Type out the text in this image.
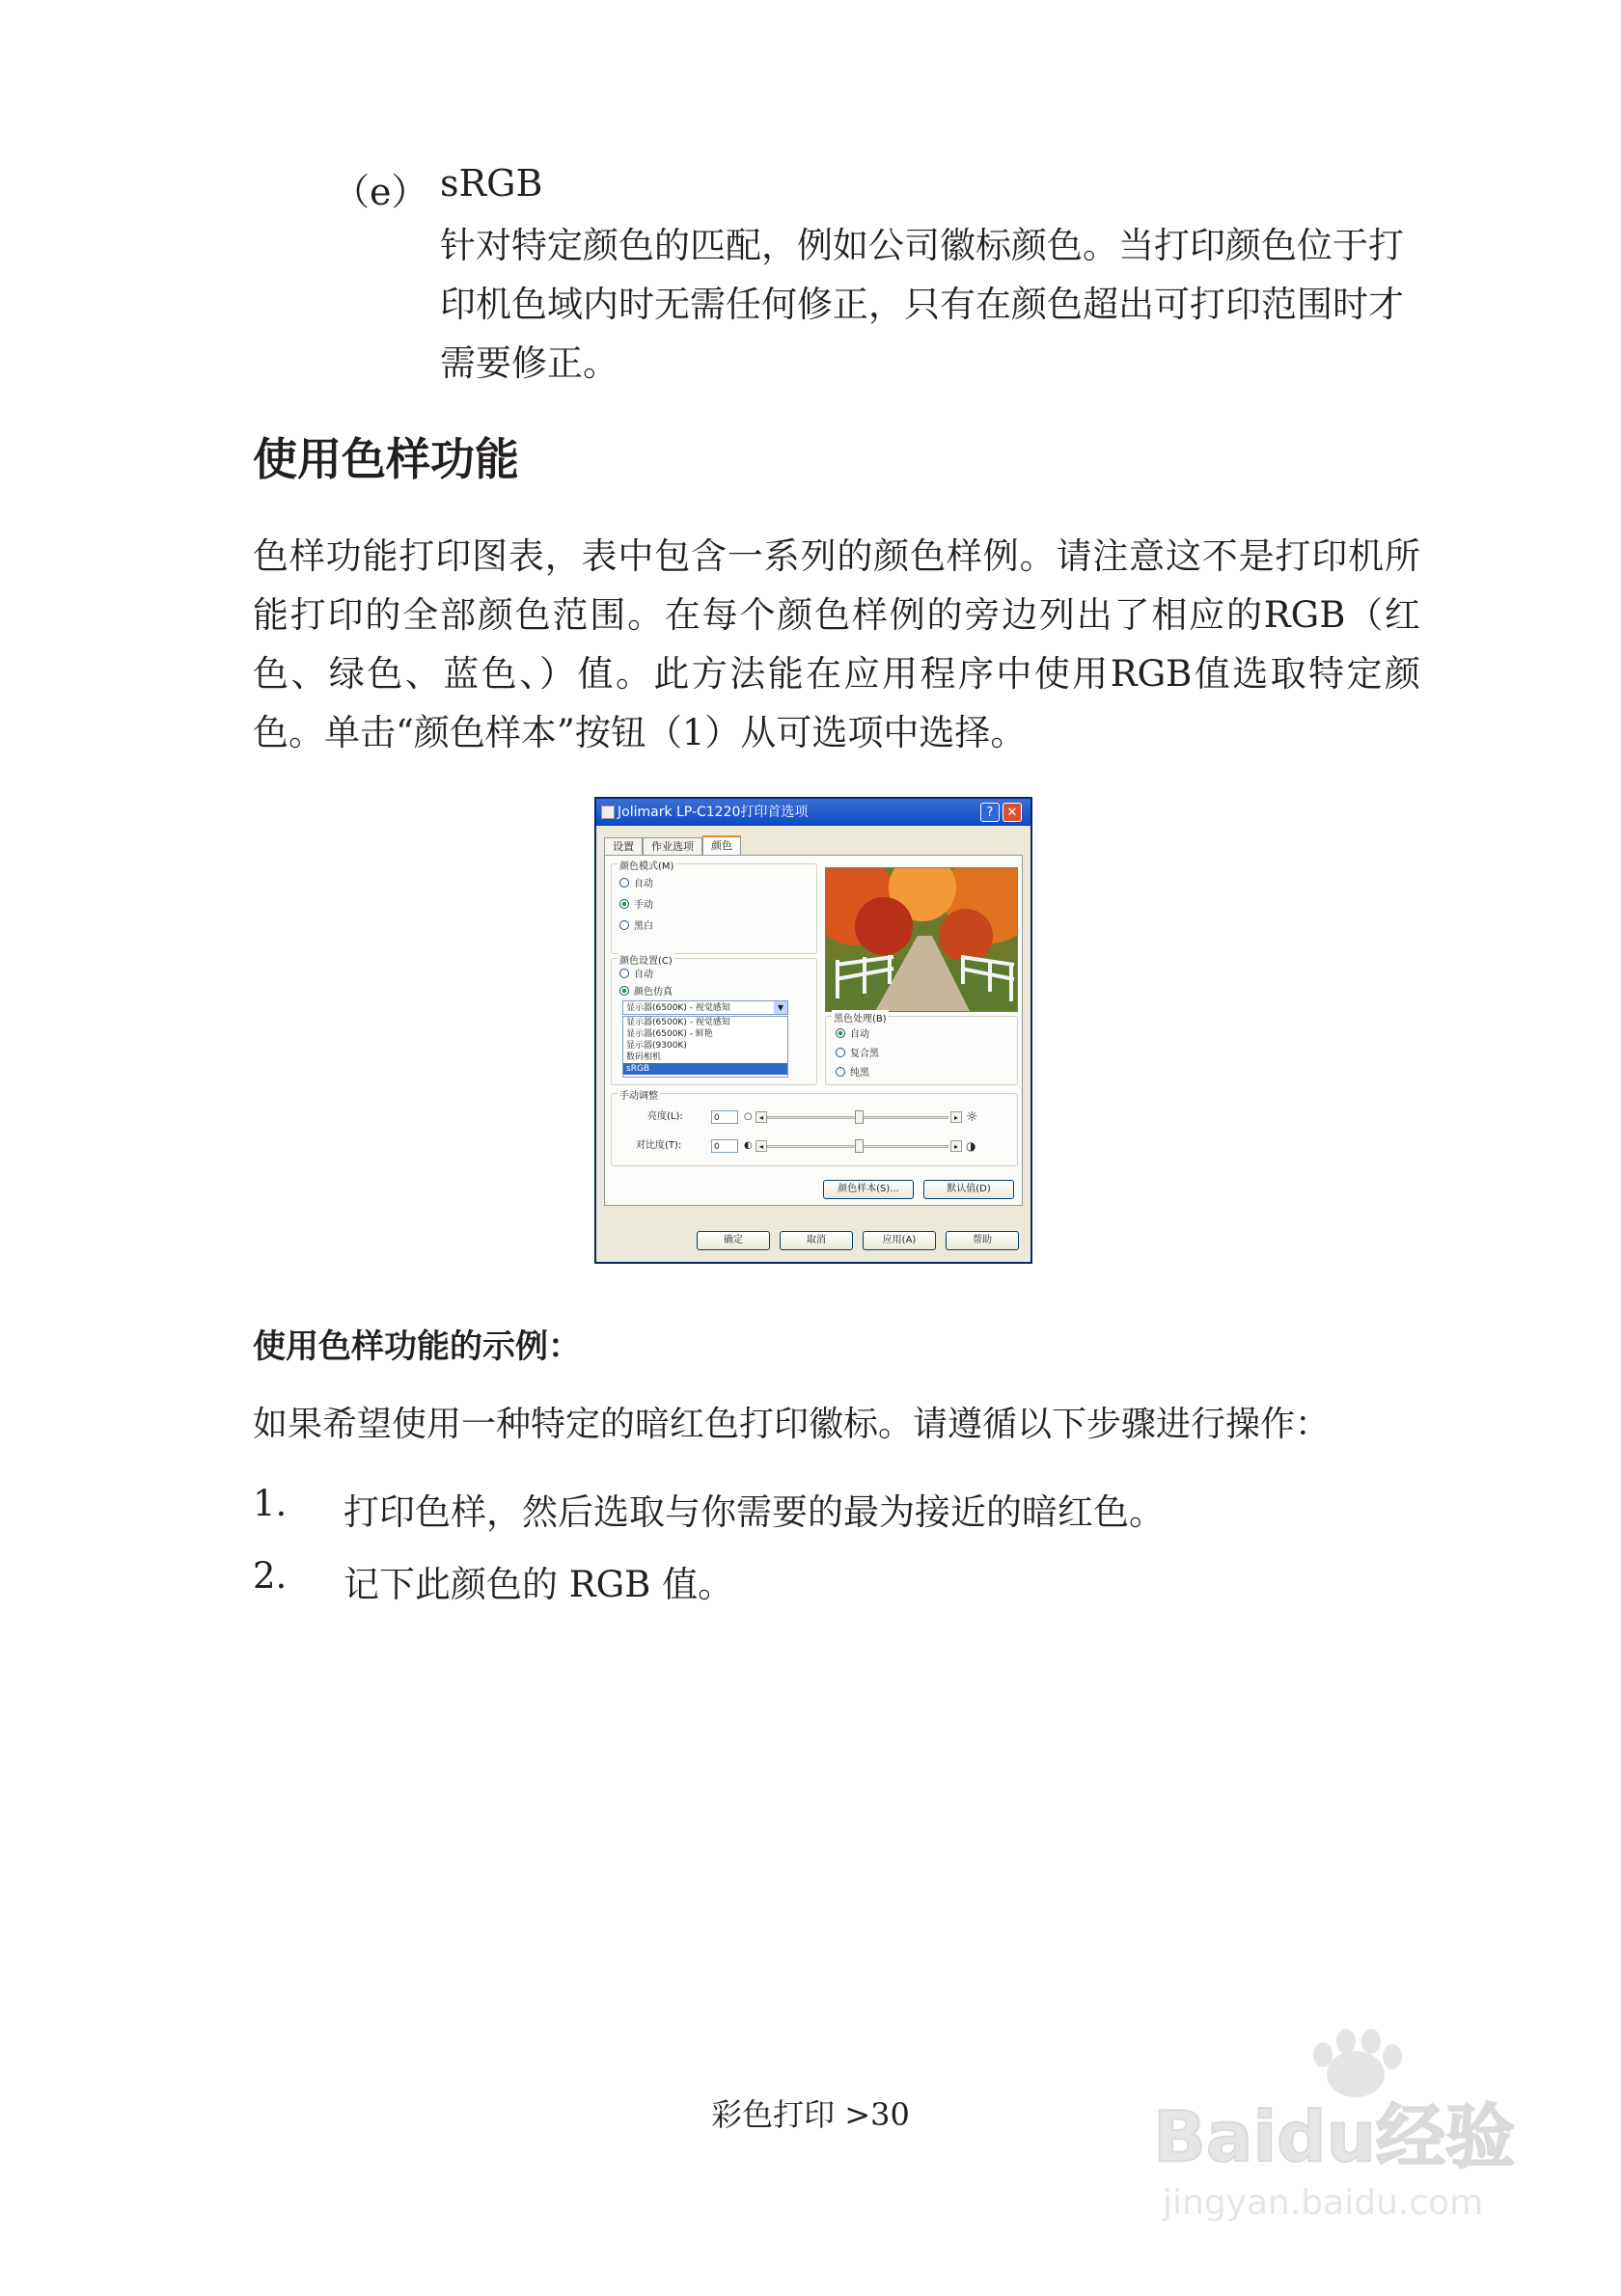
（e） sRGB
针对特定颜色的匹配，例如公司徽标颜色。当打印颜色位于打印机色域内时无需任何修正，只有在颜色超出可打印范围时才需要修正。
使用色样功能
色样功能打印图表，表中包含一系列的颜色样例。请注意这不是打印机所能打印的全部颜色范围。在每个颜色样例的旁边列出了相应的RGB（红色、绿色、蓝色、）值。此方法能在应用程序中使用RGB值选取特定颜色。单击“颜色样本”按钮（1）从可选项中选择。
Jolimark LP-C1220打印首选项	?	✕
设置	作业选项	颜色
颜色模式(M)
自动
手动
黑白
颜色设置(C)
自动
颜色仿真
显示器(6500K) - 视觉感知	▼
显示器(6500K) - 视觉感知
显示器(6500K) - 鲜艳
显示器(9300K)
数码相机
sRGB
黑色处理(B)
自动
复合黑
纯黑
手动调整
亮度(L):	0	○ ◂	▸ ☼
对比度(T):	0	◐ ◂	▸ ◑
颜色样本(S)...	默认值(D)
确定	取消	应用(A)	帮助
使用色样功能的示例：
如果希望使用一种特定的暗红色打印徽标。请遵循以下步骤进行操作：
1. 打印色样，然后选取与你需要的最为接近的暗红色。
2. 记下此颜色的 RGB 值。
彩色打印 >30	Baidu经验
jingyan.baidu.com
